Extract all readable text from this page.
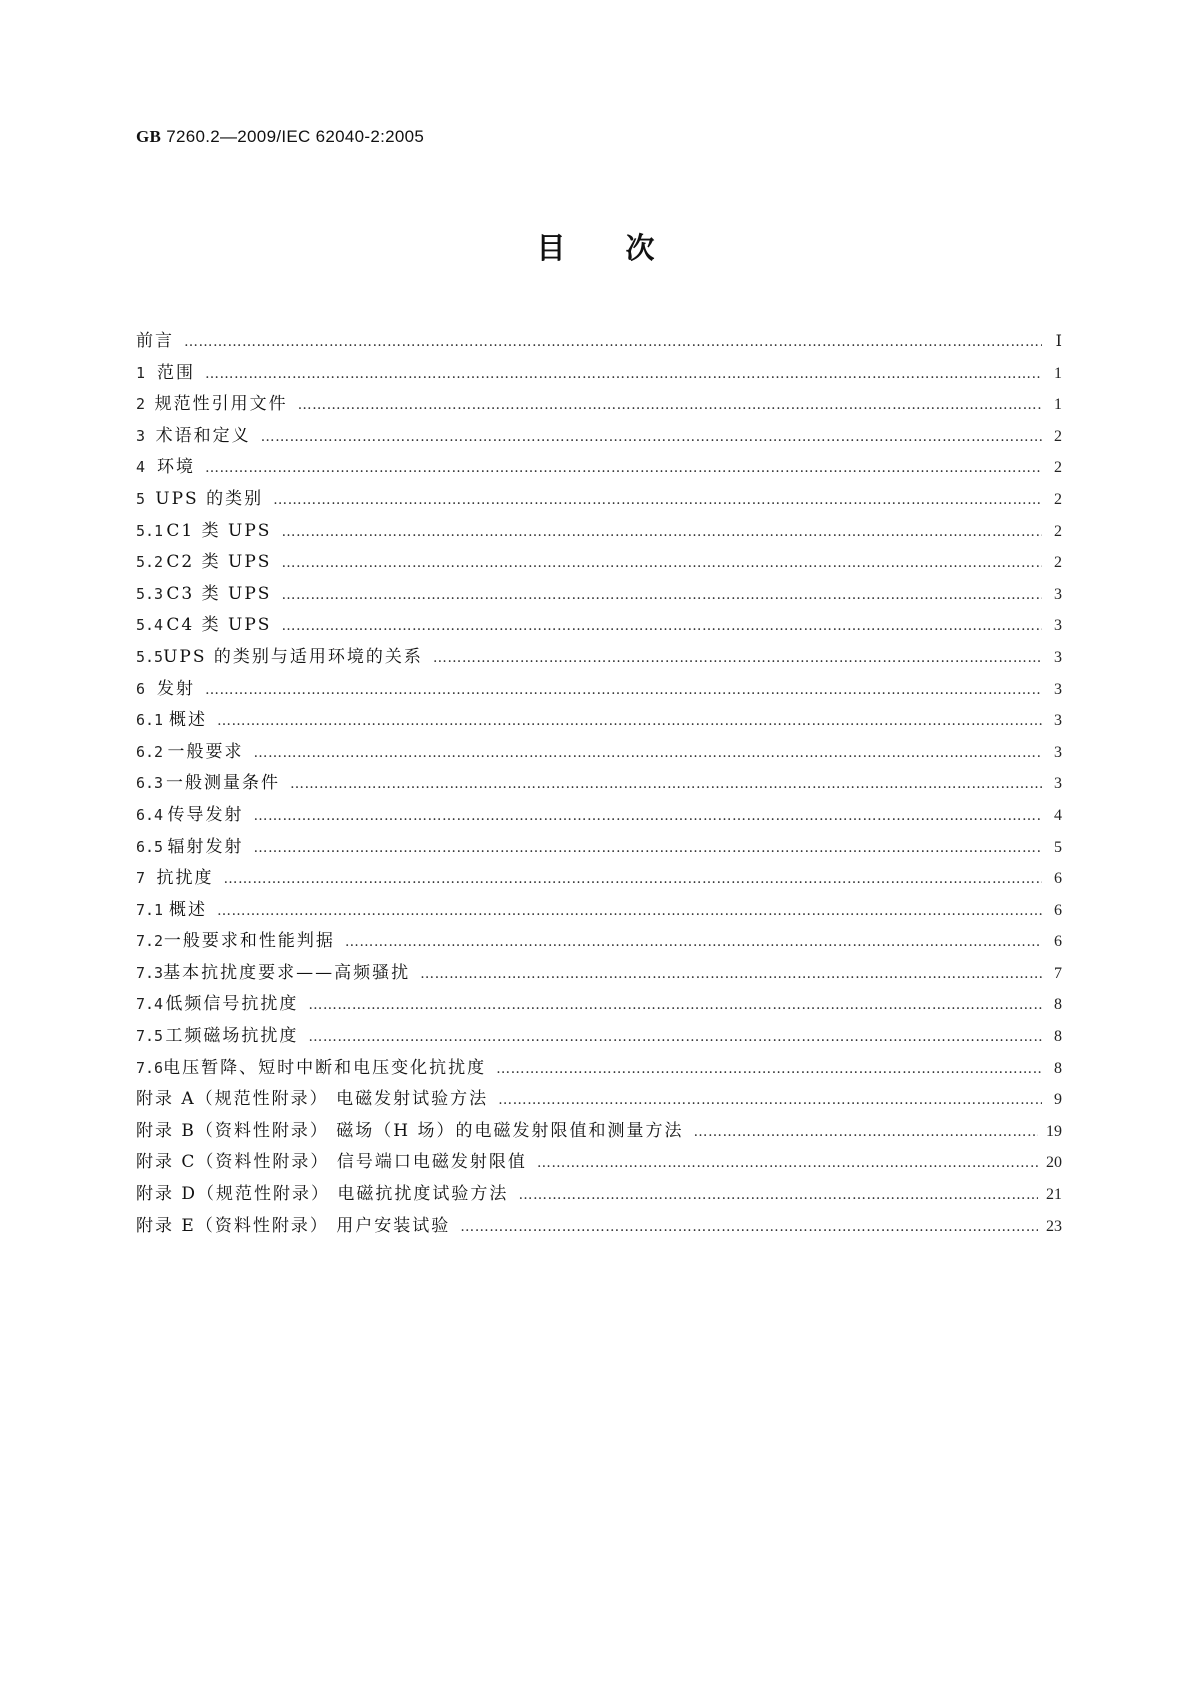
GB 7260.2—2009/IEC 62040-2:2005
目次
前言 …………………………………………………………………………………………………………………………………………………………………………………………………………………………………………	Ⅰ
1 范围 …………………………………………………………………………………………………………………………………………………………………………………………………………………………………………	1
2 规范性引用文件 …………………………………………………………………………………………………………………………………………………………………………………………………………………………………………	1
3 术语和定义 …………………………………………………………………………………………………………………………………………………………………………………………………………………………………………	2
4 环境 …………………………………………………………………………………………………………………………………………………………………………………………………………………………………………	2
5 UPS 的类别 …………………………………………………………………………………………………………………………………………………………………………………………………………………………………………	2
5.1 C1 类 UPS …………………………………………………………………………………………………………………………………………………………………………………………………………………………………………	2
5.2 C2 类 UPS …………………………………………………………………………………………………………………………………………………………………………………………………………………………………………	2
5.3 C3 类 UPS …………………………………………………………………………………………………………………………………………………………………………………………………………………………………………	3
5.4 C4 类 UPS …………………………………………………………………………………………………………………………………………………………………………………………………………………………………………	3
5.5 UPS 的类别与适用环境的关系 …………………………………………………………………………………………………………………………………………………………………………………………………………………………………………	3
6 发射 …………………………………………………………………………………………………………………………………………………………………………………………………………………………………………	3
6.1 概述 …………………………………………………………………………………………………………………………………………………………………………………………………………………………………………	3
6.2 一般要求 …………………………………………………………………………………………………………………………………………………………………………………………………………………………………………	3
6.3 一般测量条件 …………………………………………………………………………………………………………………………………………………………………………………………………………………………………………	3
6.4 传导发射 …………………………………………………………………………………………………………………………………………………………………………………………………………………………………………	4
6.5 辐射发射 …………………………………………………………………………………………………………………………………………………………………………………………………………………………………………	5
7 抗扰度 …………………………………………………………………………………………………………………………………………………………………………………………………………………………………………	6
7.1 概述 …………………………………………………………………………………………………………………………………………………………………………………………………………………………………………	6
7.2 一般要求和性能判据 …………………………………………………………………………………………………………………………………………………………………………………………………………………………………………	6
7.3 基本抗扰度要求——高频骚扰 …………………………………………………………………………………………………………………………………………………………………………………………………………………………………………	7
7.4 低频信号抗扰度 …………………………………………………………………………………………………………………………………………………………………………………………………………………………………………	8
7.5 工频磁场抗扰度 …………………………………………………………………………………………………………………………………………………………………………………………………………………………………………	8
7.6 电压暂降、短时中断和电压变化抗扰度 …………………………………………………………………………………………………………………………………………………………………………………………………………………………………………	8
附录 A（规范性附录） 电磁发射试验方法 …………………………………………………………………………………………………………………………………………………………………………………………………………………………………………	9
附录 B（资料性附录） 磁场（H 场）的电磁发射限值和测量方法 …………………………………………………………………………………………………………………………………………………………………………………………………………………………………………	19
附录 C（资料性附录） 信号端口电磁发射限值 …………………………………………………………………………………………………………………………………………………………………………………………………………………………………………	20
附录 D（规范性附录） 电磁抗扰度试验方法 …………………………………………………………………………………………………………………………………………………………………………………………………………………………………………	21
附录 E（资料性附录） 用户安装试验 …………………………………………………………………………………………………………………………………………………………………………………………………………………………………………	23
